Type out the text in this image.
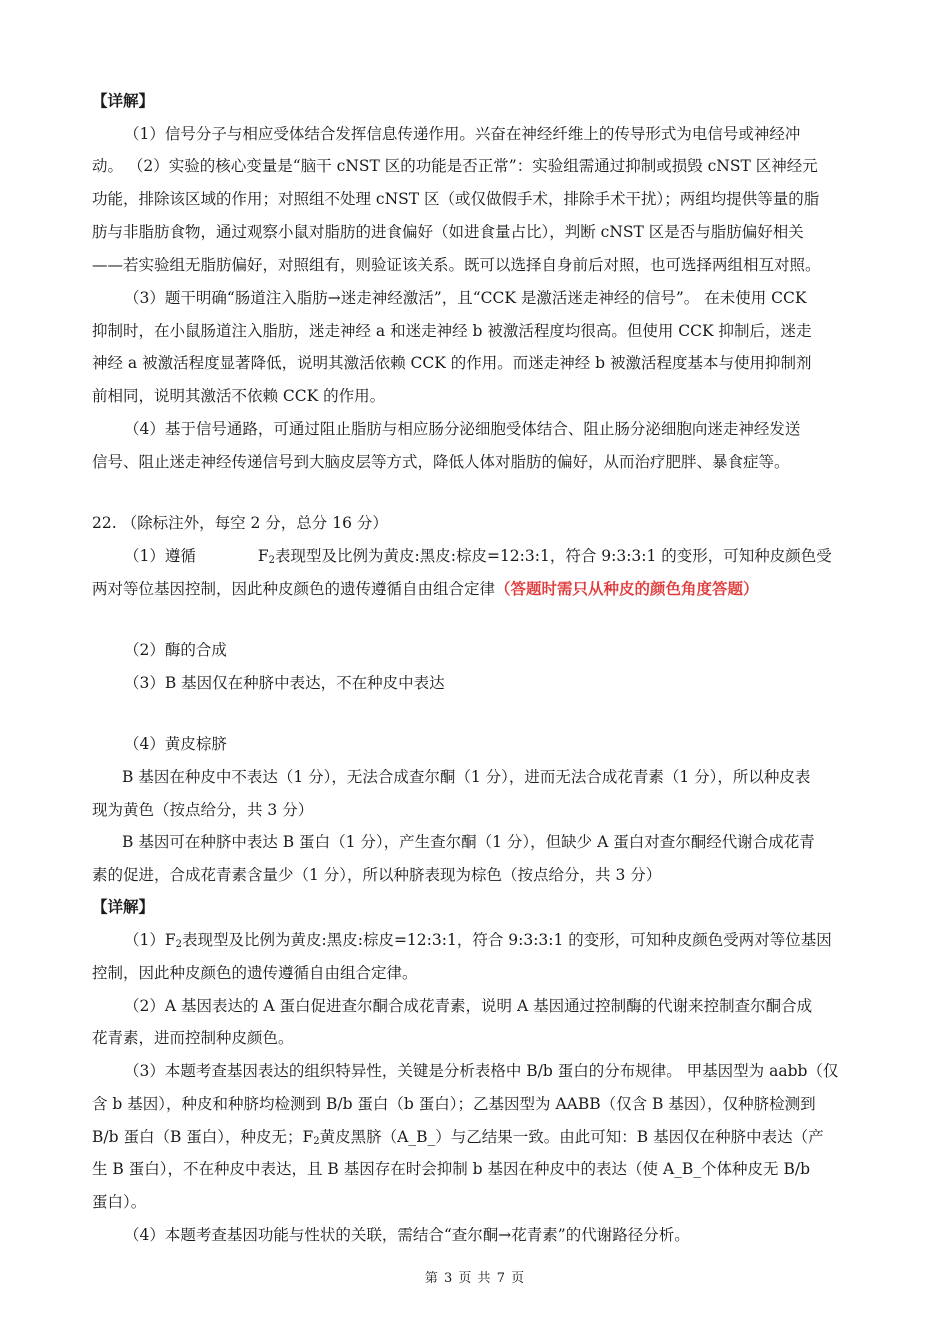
【详解】
（1）信号分子与相应受体结合发挥信息传递作用。兴奋在神经纤维上的传导形式为电信号或神经冲
动。 （2）实验的核心变量是“脑干 cNST 区的功能是否正常”：实验组需通过抑制或损毁 cNST 区神经元
功能，排除该区域的作用；对照组不处理 cNST 区（或仅做假手术，排除手术干扰）；两组均提供等量的脂
肪与非脂肪食物，通过观察小鼠对脂肪的进食偏好（如进食量占比），判断 cNST 区是否与脂肪偏好相关
——若实验组无脂肪偏好，对照组有，则验证该关系。既可以选择自身前后对照，也可选择两组相互对照。
（3）题干明确“肠道注入脂肪→迷走神经激活”，且“CCK 是激活迷走神经的信号”。 在未使用 CCK
抑制时，在小鼠肠道注入脂肪，迷走神经 a 和迷走神经 b 被激活程度均很高。但使用 CCK 抑制后，迷走
神经 a 被激活程度显著降低，说明其激活依赖 CCK 的作用。而迷走神经 b 被激活程度基本与使用抑制剂
前相同，说明其激活不依赖 CCK 的作用。
（4）基于信号通路，可通过阻止脂肪与相应肠分泌细胞受体结合、阻止肠分泌细胞向迷走神经发送
信号、阻止迷走神经传递信号到大脑皮层等方式，降低人体对脂肪的偏好，从而治疗肥胖、暴食症等。
22. （除标注外，每空 2 分，总分 16 分）
（1）遵循	$F_2$表现型及比例为黄皮:黑皮:棕皮=12:3:1，符合 9:3:3:1 的变形，可知种皮颜色受
两对等位基因控制，因此种皮颜色的遗传遵循自由组合定律（答题时需只从种皮的颜色角度答题）
（2）酶的合成
（3）B 基因仅在种脐中表达，不在种皮中表达
（4）黄皮棕脐
B 基因在种皮中不表达（1 分），无法合成查尔酮（1 分），进而无法合成花青素（1 分），所以种皮表
现为黄色（按点给分，共 3 分）
B 基因可在种脐中表达 B 蛋白（1 分），产生查尔酮（1 分），但缺少 A 蛋白对查尔酮经代谢合成花青
素的促进，合成花青素含量少（1 分），所以种脐表现为棕色（按点给分，共 3 分）
【详解】
$(1)F_2$表现型及比例为黄皮:黑皮:棕皮=12:3:1，符合 9:3:3:1 的变形，可知种皮颜色受两对等位基因
控制，因此种皮颜色的遗传遵循自由组合定律。
（2）A 基因表达的 A 蛋白促进查尔酮合成花青素，说明 A 基因通过控制酶的代谢来控制查尔酮合成
花青素，进而控制种皮颜色。
（3）本题考查基因表达的组织特异性，关键是分析表格中 B/b 蛋白的分布规律。 甲基因型为 aabb（仅
含 b 基因），种皮和种脐均检测到 B/b 蛋白（b 蛋白）；乙基因型为 AABB（仅含 B 基因），仅种脐检测到
B/b 蛋白（B 蛋白），种皮无；$F_2$黄皮黑脐（A_B_）与乙结果一致。由此可知：B 基因仅在种脐中表达（产
生 B 蛋白），不在种皮中表达，且 B 基因存在时会抑制 b 基因在种皮中的表达（使 A_B_个体种皮无 B/b
蛋白）。
（4）本题考查基因功能与性状的关联，需结合“查尔酮→花青素”的代谢路径分析。
第 3 页 共 7 页
